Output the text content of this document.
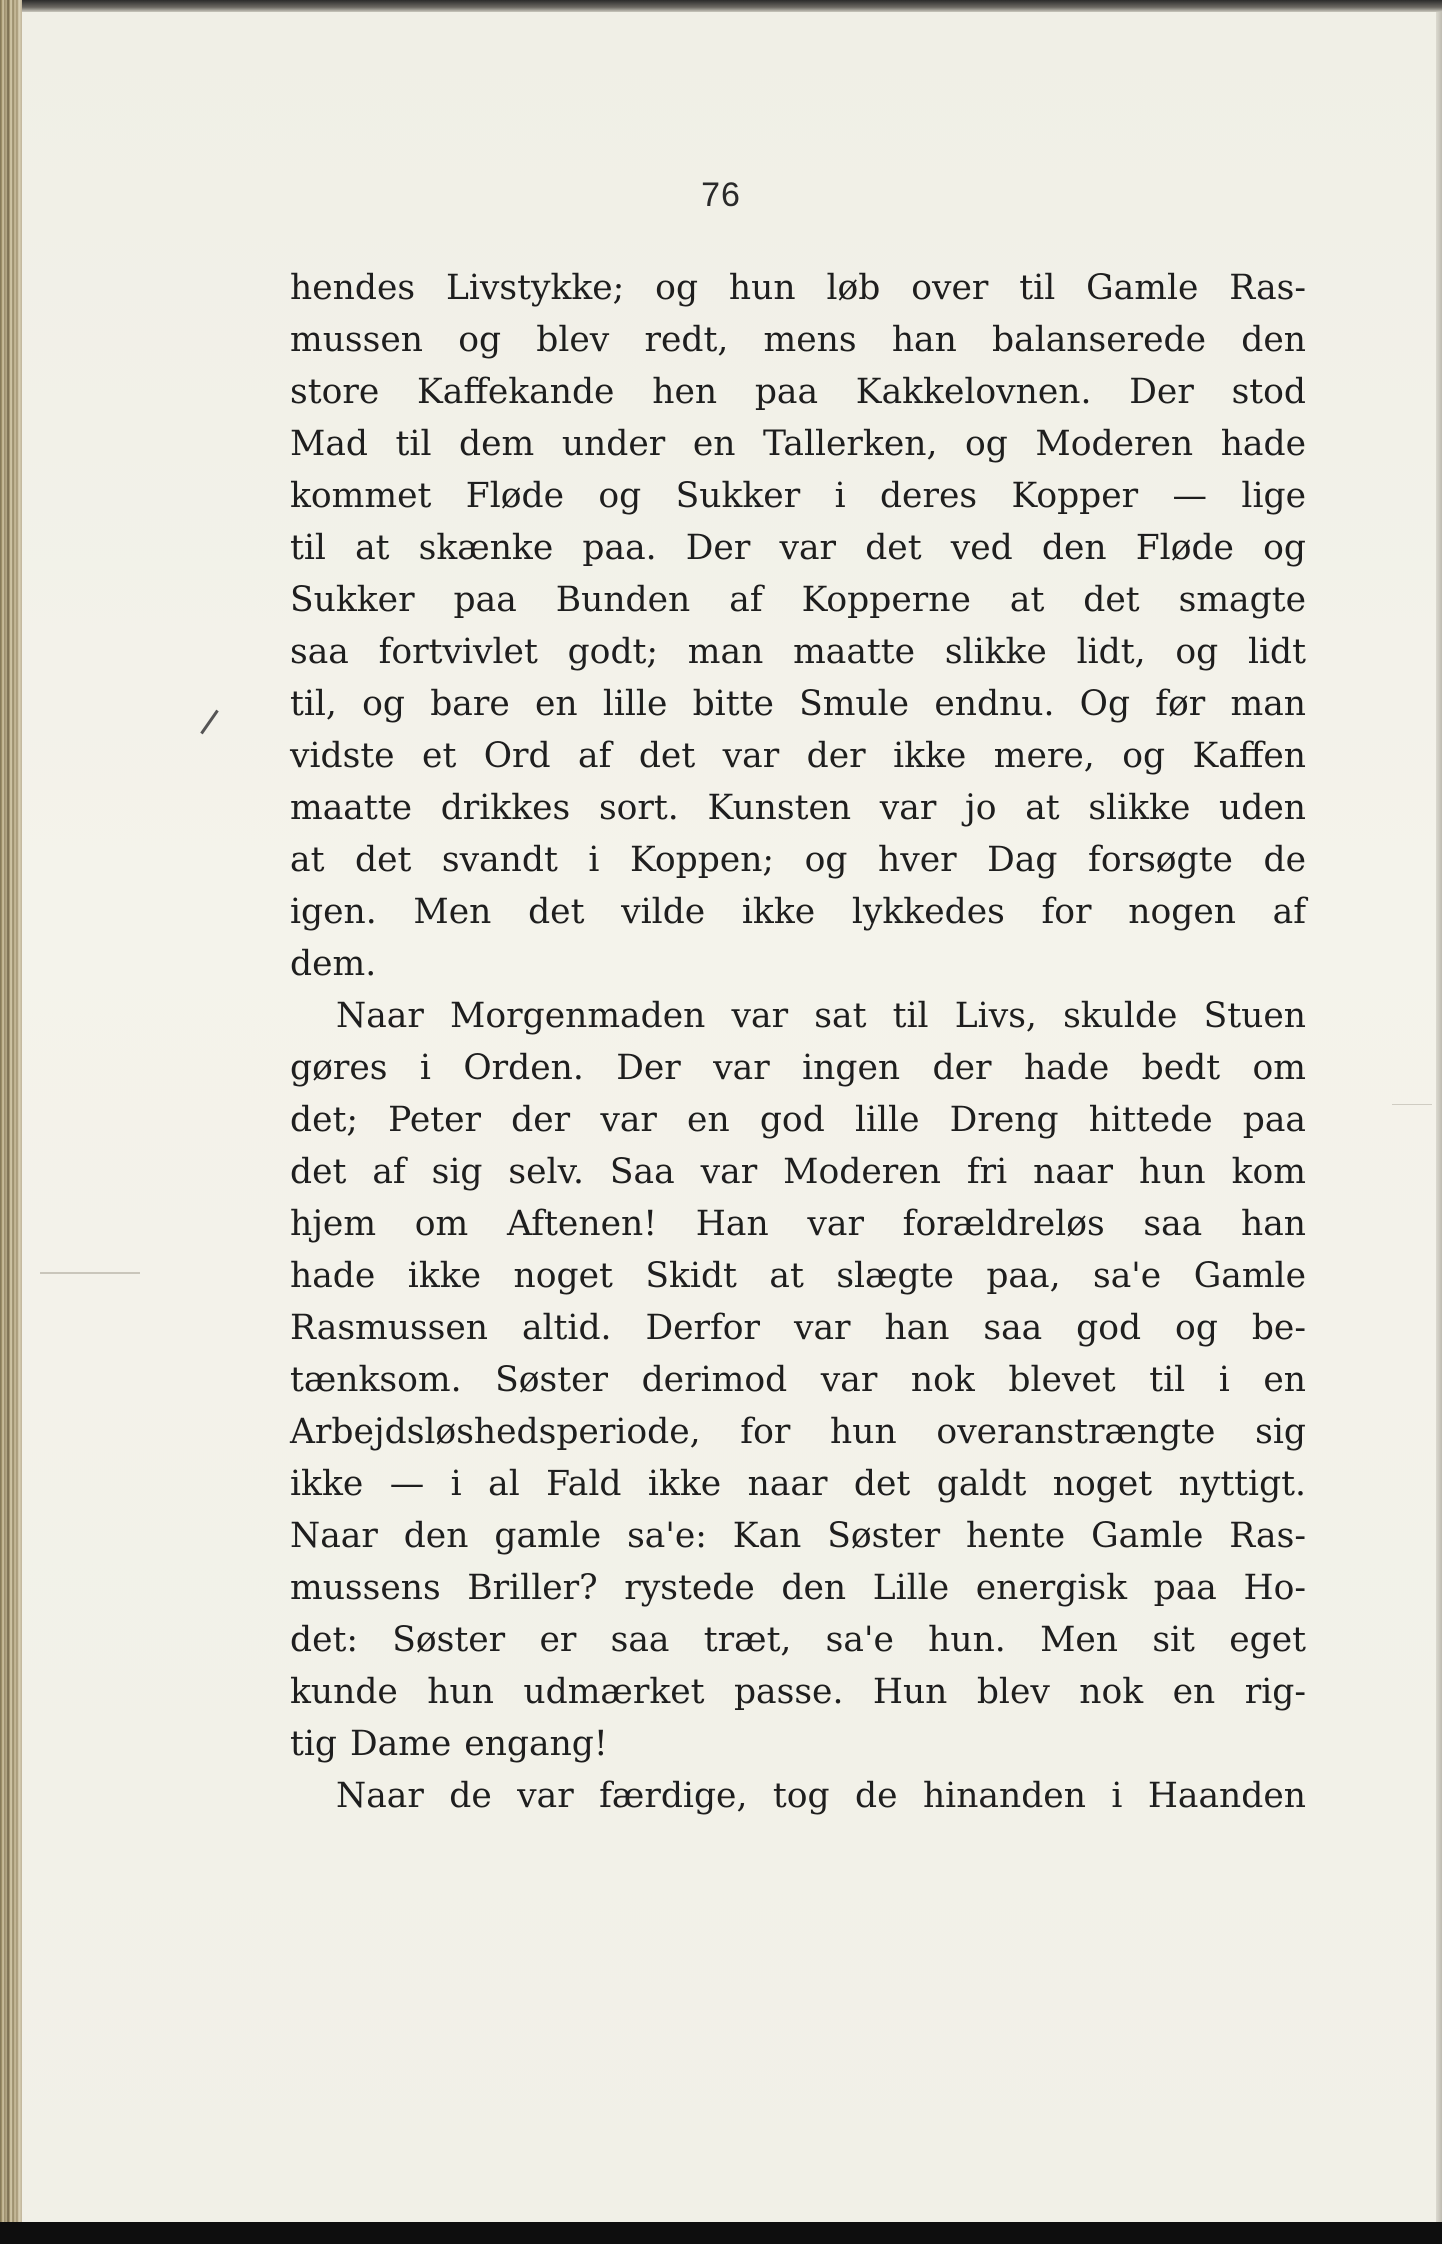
76
hendes Livstykke; og hun løb over til Gamle Ras-
mussen og blev redt, mens han balanserede den
store Kaffekande hen paa Kakkelovnen. Der stod
Mad til dem under en Tallerken, og Moderen hade
kommet Fløde og Sukker i deres Kopper — lige
til at skænke paa. Der var det ved den Fløde og
Sukker paa Bunden af Kopperne at det smagte
saa fortvivlet godt; man maatte slikke lidt, og lidt
til, og bare en lille bitte Smule endnu. Og før man
vidste et Ord af det var der ikke mere, og Kaffen
maatte drikkes sort. Kunsten var jo at slikke uden
at det svandt i Koppen; og hver Dag forsøgte de
igen. Men det vilde ikke lykkedes for nogen af
dem.
Naar Morgenmaden var sat til Livs, skulde Stuen
gøres i Orden. Der var ingen der hade bedt om
det; Peter der var en god lille Dreng hittede paa
det af sig selv. Saa var Moderen fri naar hun kom
hjem om Aftenen! Han var forældreløs saa han
hade ikke noget Skidt at slægte paa, sa'e Gamle
Rasmussen altid. Derfor var han saa god og be-
tænksom. Søster derimod var nok blevet til i en
Arbejdsløshedsperiode, for hun overanstrængte sig
ikke — i al Fald ikke naar det galdt noget nyttigt.
Naar den gamle sa'e: Kan Søster hente Gamle Ras-
mussens Briller? rystede den Lille energisk paa Ho-
det: Søster er saa træt, sa'e hun. Men sit eget
kunde hun udmærket passe. Hun blev nok en rig-
tig Dame engang!
Naar de var færdige, tog de hinanden i Haanden
